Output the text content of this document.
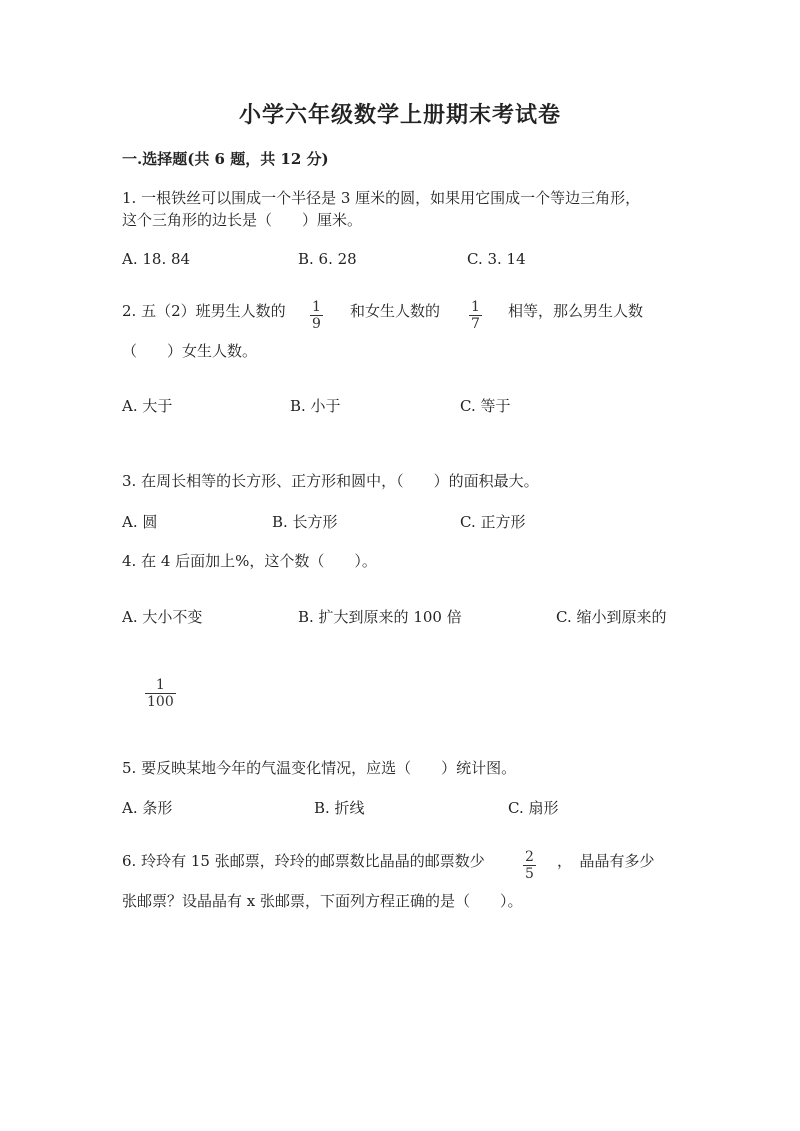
小学六年级数学上册期末考试卷
一.选择题(共 6 题，共 12 分)
1. 一根铁丝可以围成一个半径是 3 厘米的圆，如果用它围成一个等边三角形，
这个三角形的边长是（　　）厘米。
A. 18. 84	B. 6. 28	C. 3. 14
2. 五（2）班男生人数的 $\frac{1}{9}$ 和女生人数的 $\frac{1}{7}$ 相等，那么男生人数
（　　）女生人数。
A. 大于	B. 小于	C. 等于
3. 在周长相等的长方形、正方形和圆中，（　　）的面积最大。
A. 圆	B. 长方形	C. 正方形
4. 在 4 后面加上%，这个数（　　）。
A. 大小不变	B. 扩大到原来的 100 倍	C. 缩小到原来的
$\frac{1}{100}$
5. 要反映某地今年的气温变化情况，应选（　　）统计图。
A. 条形	B. 折线	C. 扇形
6. 玲玲有 15 张邮票，玲玲的邮票数比晶晶的邮票数少	$\frac{2}{5}$ ，　晶晶有多少
张邮票？设晶晶有 x 张邮票，下面列方程正确的是（　　）。
